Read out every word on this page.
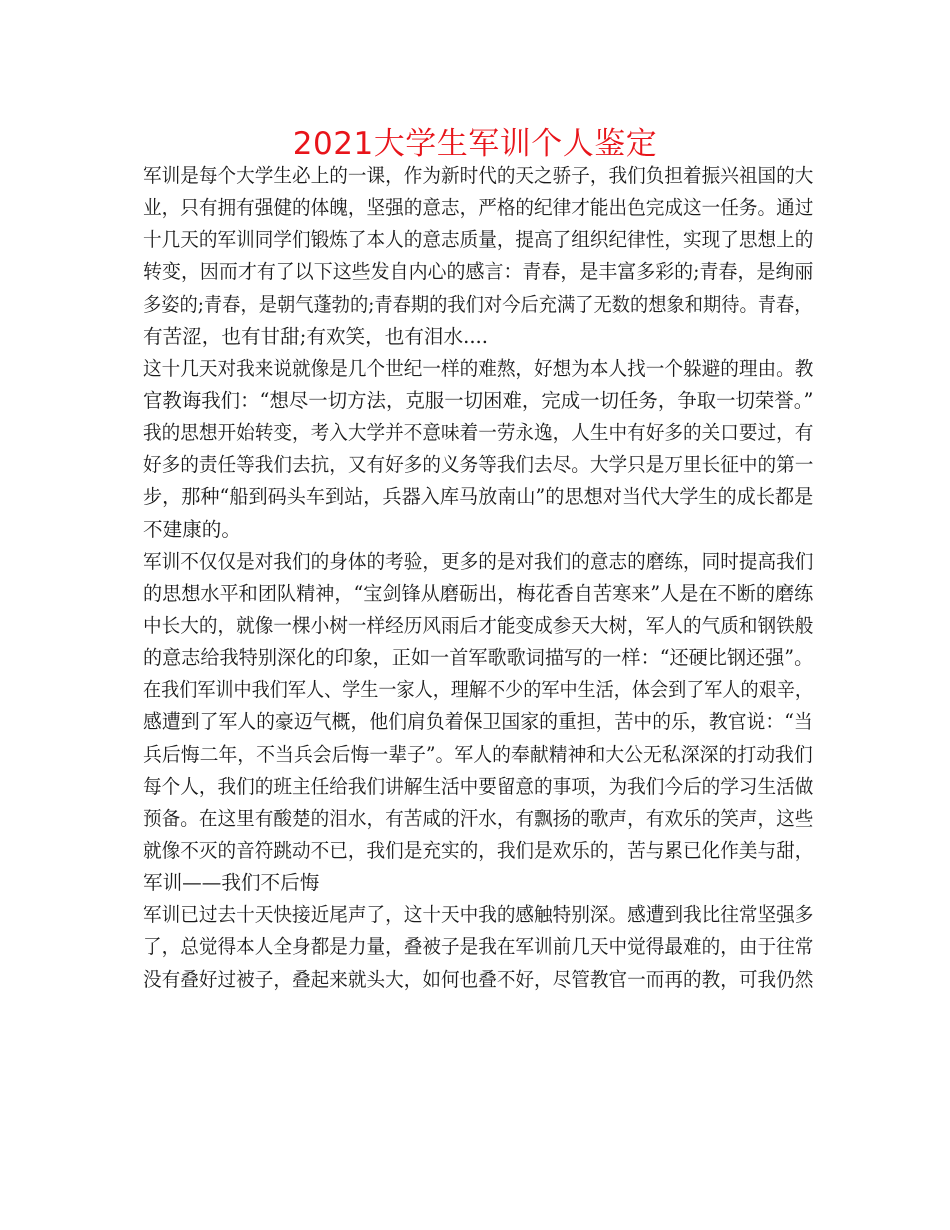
2021大学生军训个人鉴定
军训是每个大学生必上的一课，作为新时代的天之骄子，我们负担着振兴祖国的大
业，只有拥有强健的体魄，坚强的意志，严格的纪律才能出色完成这一任务。通过
十几天的军训同学们锻炼了本人的意志质量，提高了组织纪律性，实现了思想上的
转变，因而才有了以下这些发自内心的感言：青春，是丰富多彩的;青春，是绚丽
多姿的;青春，是朝气蓬勃的;青春期的我们对今后充满了无数的想象和期待。青春，
有苦涩，也有甘甜;有欢笑，也有泪水....
这十几天对我来说就像是几个世纪一样的难熬，好想为本人找一个躲避的理由。教
官教诲我们：“想尽一切方法，克服一切困难，完成一切任务，争取一切荣誉。”
我的思想开始转变，考入大学并不意味着一劳永逸，人生中有好多的关口要过，有
好多的责任等我们去抗，又有好多的义务等我们去尽。大学只是万里长征中的第一
步，那种“船到码头车到站，兵器入库马放南山”的思想对当代大学生的成长都是
不建康的。
军训不仅仅是对我们的身体的考验，更多的是对我们的意志的磨练，同时提高我们
的思想水平和团队精神，“宝剑锋从磨砺出，梅花香自苦寒来”人是在不断的磨练
中长大的，就像一棵小树一样经历风雨后才能变成参天大树，军人的气质和钢铁般
的意志给我特别深化的印象，正如一首军歌歌词描写的一样：“还硬比钢还强”。
在我们军训中我们军人、学生一家人，理解不少的军中生活，体会到了军人的艰辛，
感遭到了军人的豪迈气概，他们肩负着保卫国家的重担，苦中的乐，教官说：“当
兵后悔二年，不当兵会后悔一辈子”。军人的奉献精神和大公无私深深的打动我们
每个人，我们的班主任给我们讲解生活中要留意的事项，为我们今后的学习生活做
预备。在这里有酸楚的泪水，有苦咸的汗水，有飘扬的歌声，有欢乐的笑声，这些
就像不灭的音符跳动不已，我们是充实的，我们是欢乐的，苦与累已化作美与甜，
军训——我们不后悔
军训已过去十天快接近尾声了，这十天中我的感触特别深。感遭到我比往常坚强多
了，总觉得本人全身都是力量，叠被子是我在军训前几天中觉得最难的，由于往常
没有叠好过被子，叠起来就头大，如何也叠不好，尽管教官一而再的教，可我仍然
